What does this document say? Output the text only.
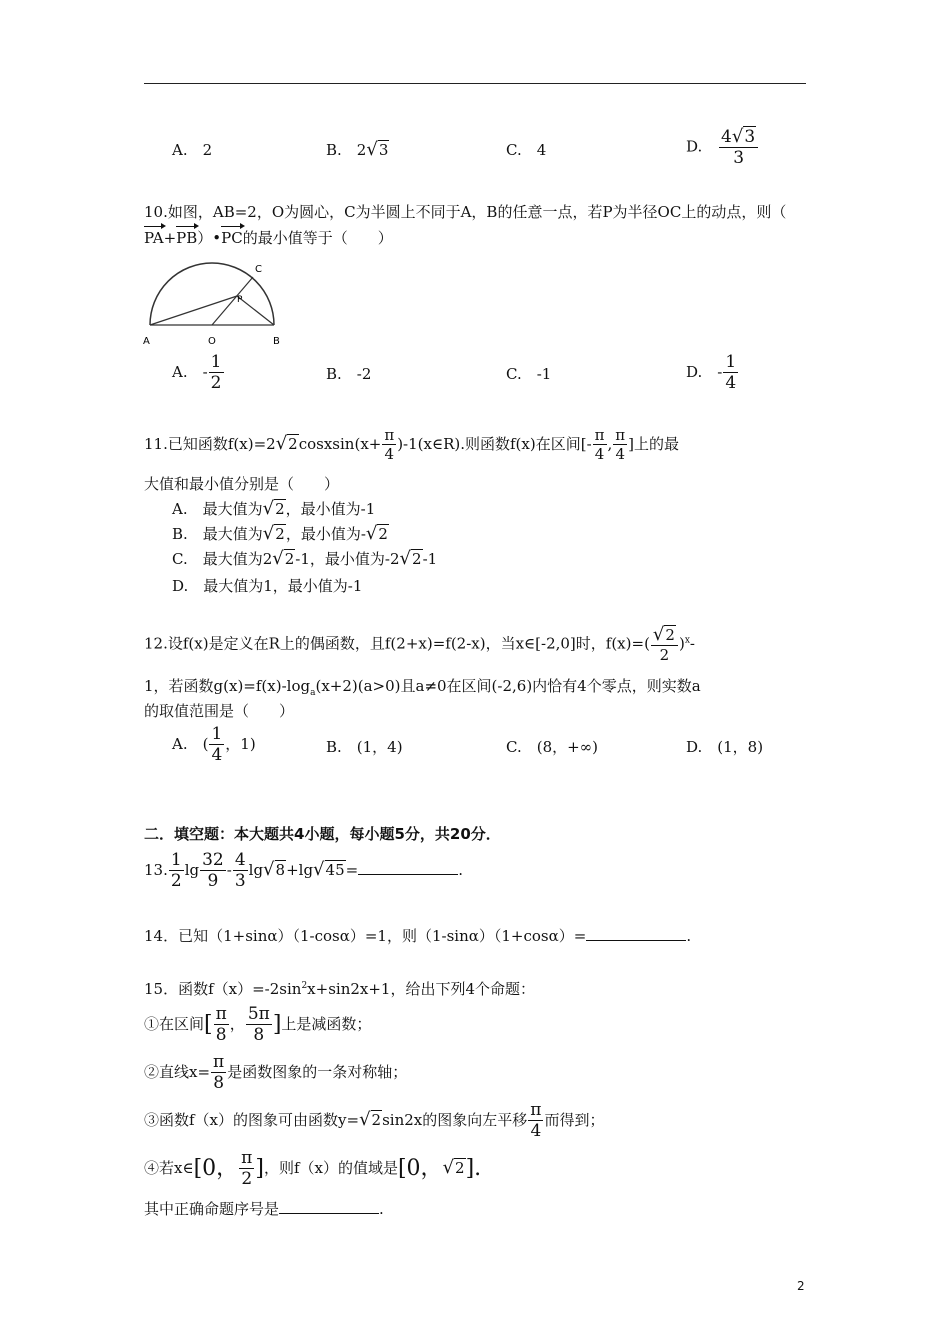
A.　2	B.　2√3	C.　4	D. $\frac{4√3}{3}$
10.如图，AB=2，O为圆心，C为半圆上不同于A，B的任意一点，若P为半径OC上的动点，则（
PA+PB）•PC的最小值等于（　　）
A	O	B
C
P
A.　- $\frac{1}{2}$	B.　-2	C.　-1	D.　- $\frac{1}{4}$
11.已知函数f(x)=2√2cosxsin(x+ $\frac{\pi}{4}$ )-1(x∈R).则函数f(x)在区间[- $\frac{\pi}{4}$ , $\frac{\pi}{4}$ ]上的最
大值和最小值分别是（　　）
A.　最大值为√2，最小值为-1
B.　最大值为√2，最小值为-√2
C.　最大值为2√2-1，最小值为-2√2-1
D.　最大值为1，最小值为-1
12.设f(x)是定义在R上的偶函数，且f(2+x)=f(2-x)，当x∈[-2,0]时，$f(x)=( \frac{√2}{2} )^x-$
1，若函数$g(x)=f(x)-\log_a(x+2)(a>0)$且a≠0在区间(-2,6)内恰有4个零点，则实数a
的取值范围是（　　）
A.　( $\frac{1}{4}$ ，1)	B.　(1，4)	C.　(8，+∞)	D.　(1，8)
二．填空题：本大题共4小题，每小题5分，共20分．
13. $\frac{1}{2}$ $\lg \frac{32}{9} - \frac{4}{3} \lg√8+\lg√45=$	.
14．已知（1+sinα）（1-cosα）=1，则（1-sinα）（1+cosα）=	.
15．函数$f(x)=-2\sin^2x+\sin 2x+1$，给出下列4个命题：
①在区间[ $\frac{\pi}{8}$ ， $\frac{5\pi}{8}$ ]上是减函数；
②直线$x= \frac{\pi}{8}$ 是函数图象的一条对称轴；
③函数f（x）的图象可由函数y=√2sin2x的图象向左平移 $\frac{\pi}{4}$ 而得到；
④若x∈[0， $\frac{\pi}{2}$ ]，则f（x）的值域是[0，√2].
其中正确命题序号是	.
2
